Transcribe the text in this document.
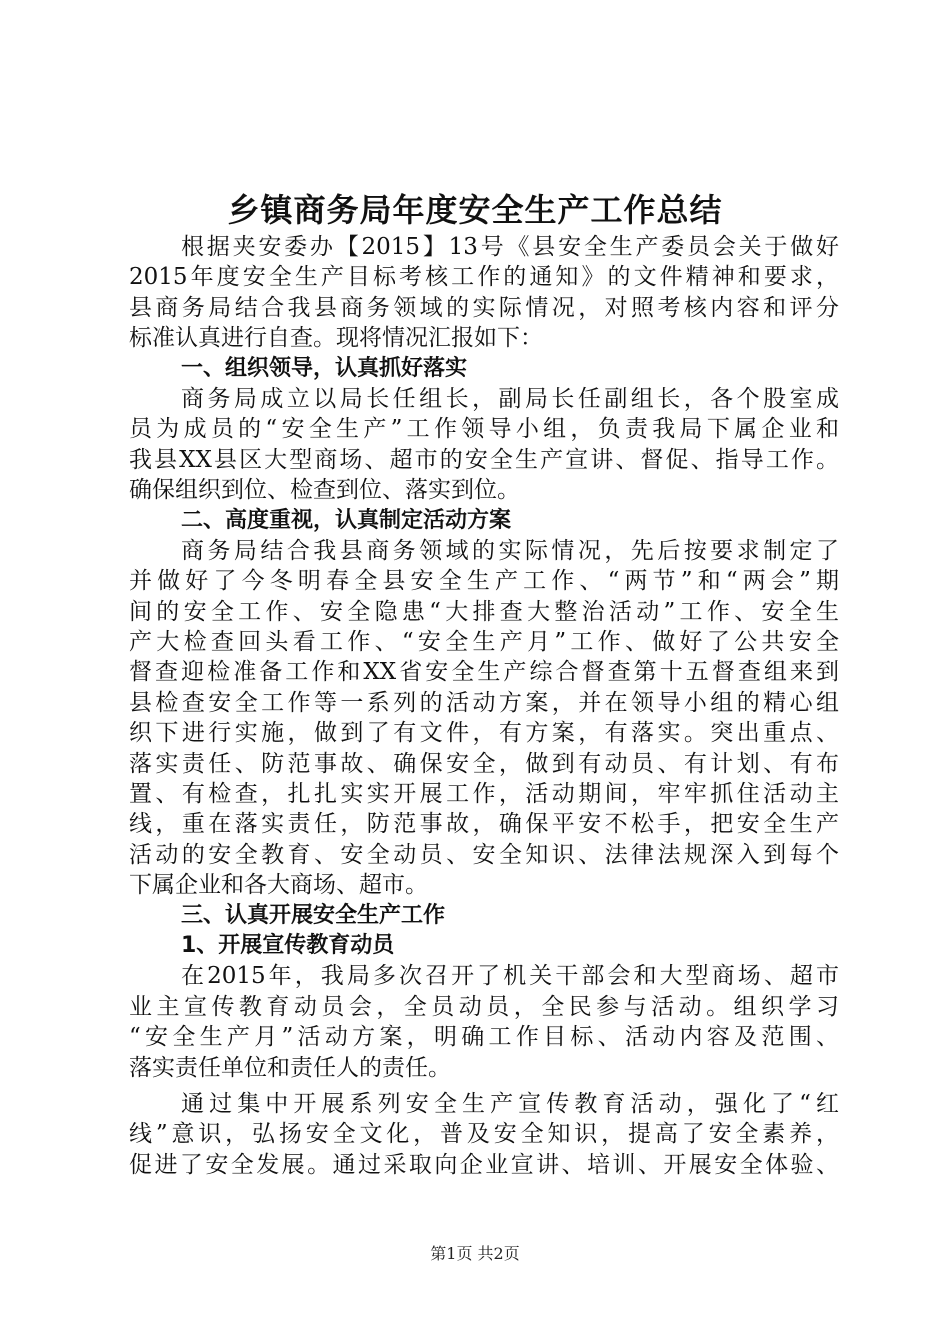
乡镇商务局年度安全生产工作总结
根据夹安委办【2015】13号《县安全生产委员会关于做好
2015年度安全生产目标考核工作的通知》的文件精神和要求，
县商务局结合我县商务领域的实际情况，对照考核内容和评分
标准认真进行自查。现将情况汇报如下：
一、组织领导，认真抓好落实
商务局成立以局长任组长，副局长任副组长，各个股室成
员为成员的“安全生产”工作领导小组，负责我局下属企业和
我县XX县区大型商场、超市的安全生产宣讲、督促、指导工作。
确保组织到位、检查到位、落实到位。
二、高度重视，认真制定活动方案
商务局结合我县商务领域的实际情况，先后按要求制定了
并做好了今冬明春全县安全生产工作、“两节”和“两会”期
间的安全工作、安全隐患“大排查大整治活动”工作、安全生
产大检查回头看工作、“安全生产月”工作、做好了公共安全
督查迎检准备工作和XX省安全生产综合督查第十五督查组来到
县检查安全工作等一系列的活动方案，并在领导小组的精心组
织下进行实施，做到了有文件，有方案，有落实。突出重点、
落实责任、防范事故、确保安全，做到有动员、有计划、有布
置、有检查，扎扎实实开展工作，活动期间，牢牢抓住活动主
线，重在落实责任，防范事故，确保平安不松手，把安全生产
活动的安全教育、安全动员、安全知识、法律法规深入到每个
下属企业和各大商场、超市。
三、认真开展安全生产工作
1、开展宣传教育动员
在2015年，我局多次召开了机关干部会和大型商场、超市
业主宣传教育动员会，全员动员，全民参与活动。组织学习
“安全生产月”活动方案，明确工作目标、活动内容及范围、
落实责任单位和责任人的责任。
通过集中开展系列安全生产宣传教育活动，强化了“红
线”意识，弘扬安全文化，普及安全知识，提高了安全素养，
促进了安全发展。通过采取向企业宣讲、培训、开展安全体验、
第1页 共2页
